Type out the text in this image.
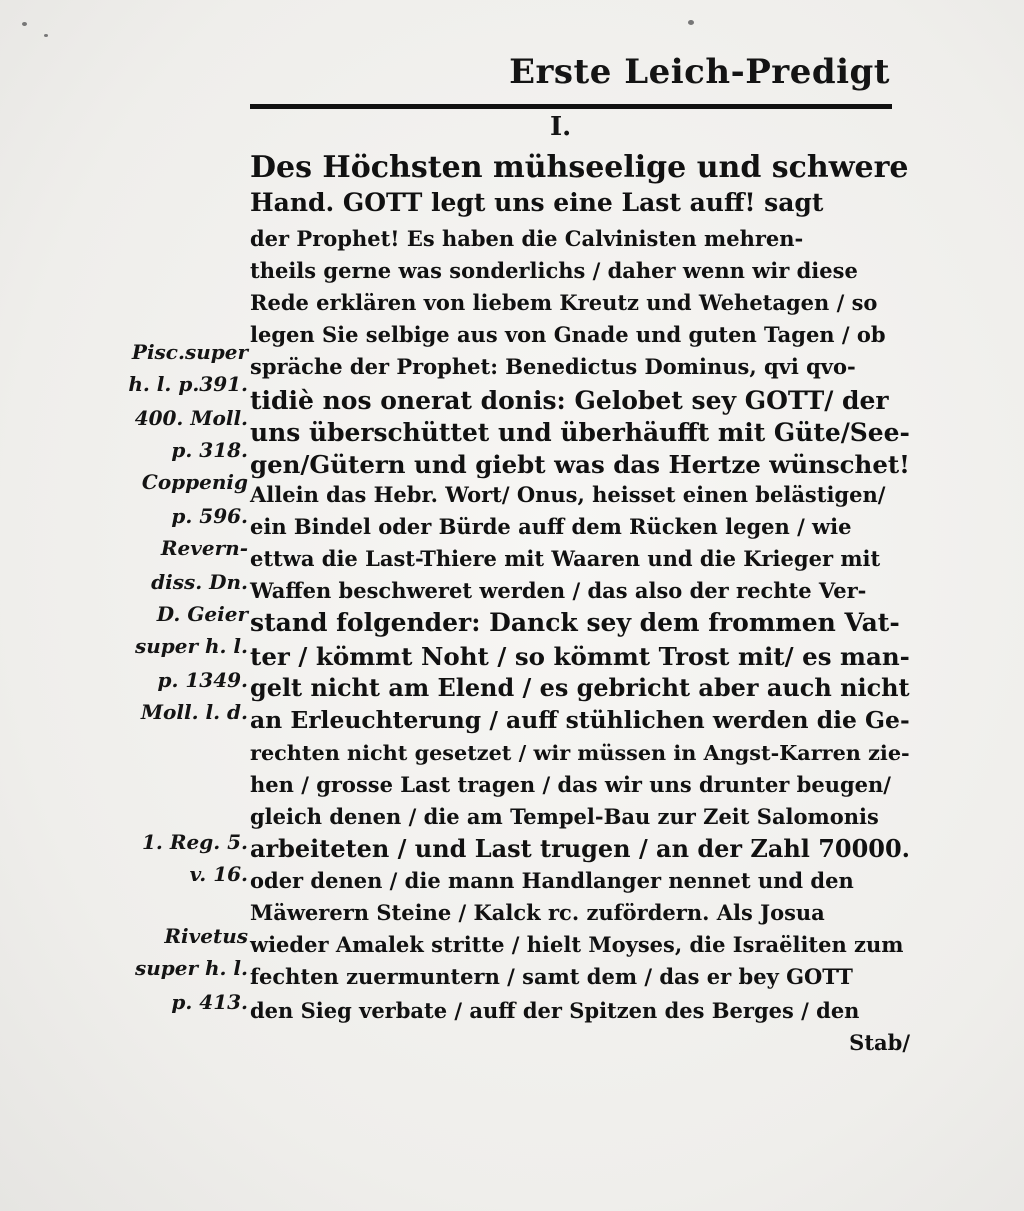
Erste Leich-Predigt
I.
Des Höchsten mühseelige und schwere
Hand. GOTT legt uns eine Last auff! sagt
der Prophet! Es haben die Calvinisten mehren-
theils gerne was sonderlichs / daher wenn wir diese
Rede erklären von liebem Kreutz und Wehetagen / so
legen Sie selbige aus von Gnade und guten Tagen / ob
spräche der Prophet: Benedictus Dominus, qvi qvo-
tidiè nos onerat donis: Gelobet sey GOTT/ der
uns überschüttet und überhäufft mit Güte/See-
gen/Gütern und giebt was das Hertze wünschet!
Allein das Hebr. Wort/ Onus, heisset einen belästigen/
ein Bindel oder Bürde auff dem Rücken legen / wie
ettwa die Last-Thiere mit Waaren und die Krieger mit
Waffen beschweret werden / das also der rechte Ver-
stand folgender: Danck sey dem frommen Vat-
ter / kömmt Noht / so kömmt Trost mit/ es man-
gelt nicht am Elend / es gebricht aber auch nicht
an Erleuchterung / auff stühlichen werden die Ge-
rechten nicht gesetzet / wir müssen in Angst-Karren zie-
hen / grosse Last tragen / das wir uns drunter beugen/
gleich denen / die am Tempel-Bau zur Zeit Salomonis
arbeiteten / und Last trugen / an der Zahl 70000.
oder denen / die mann Handlanger nennet und den
Mäwerern Steine / Kalck rc. zufördern. Als Josua
wieder Amalek stritte / hielt Moyses, die Israëliten zum
fechten zuermuntern / samt dem / das er bey GOTT
den Sieg verbate / auff der Spitzen des Berges / den
Stab/
Pisc.super
h. l. p.391.
400. Moll.
p. 318.
Coppenig
p. 596.
Revern-
diss. Dn.
D. Geier
super h. l.
p. 1349.
Moll. l. d.
1. Reg. 5.
v. 16.
Rivetus
super h. l.
p. 413.
